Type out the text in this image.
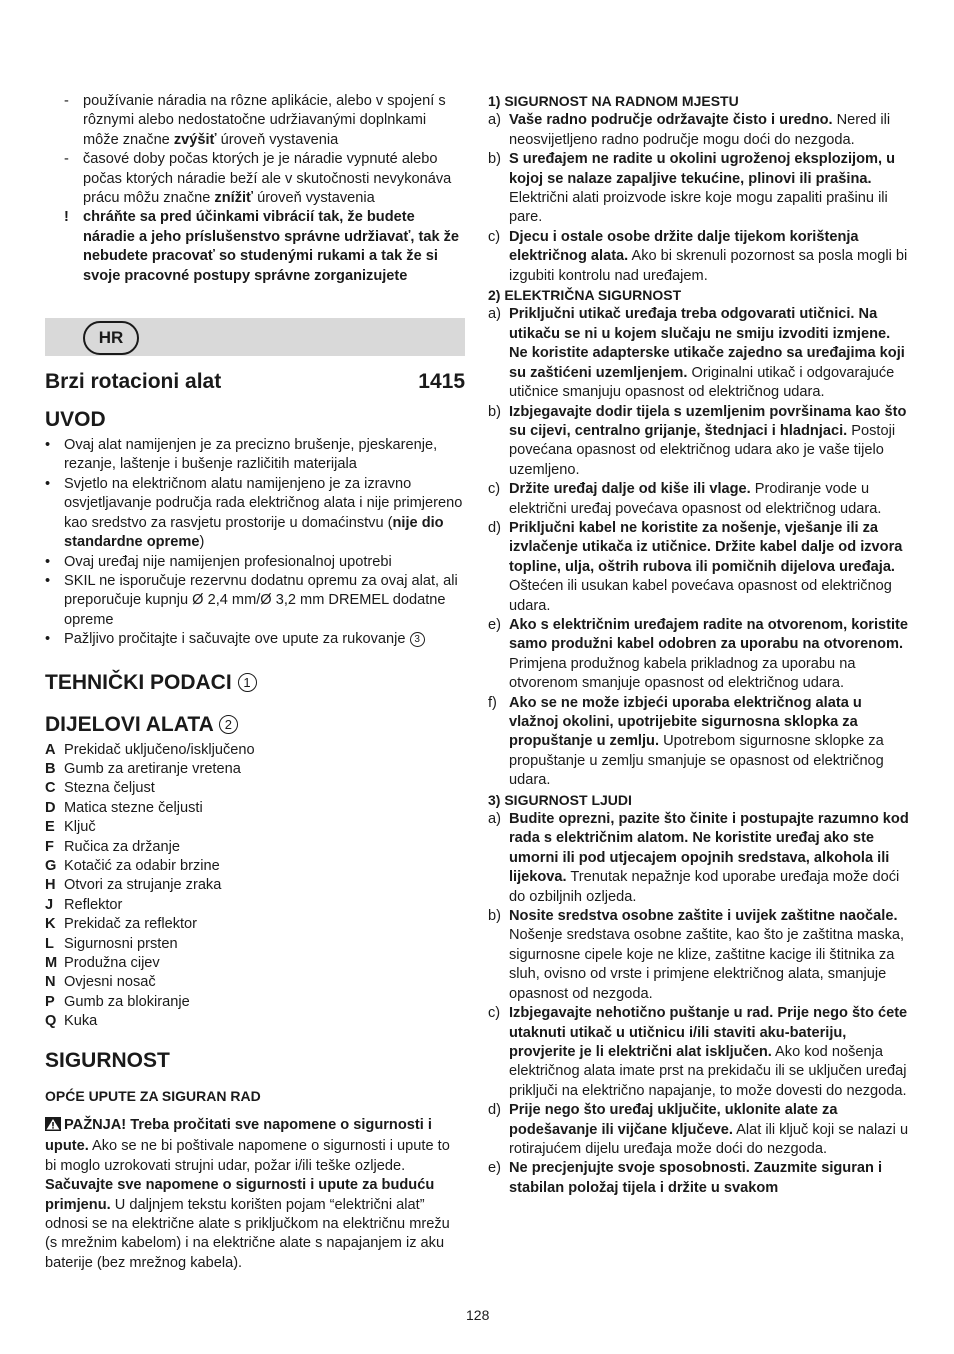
- používanie náradia na rôzne aplikácie, alebo v spojení s rôznymi alebo nedostatočne udržiavanými doplnkami môže značne zvýšiť úroveň vystavenia
- časové doby počas ktorých je je náradie vypnuté alebo počas ktorých náradie beží ale v skutočnosti nevykonáva prácu môžu značne znížiť úroveň vystavenia
! chráňte sa pred účinkami vibrácií tak, že budete náradie a jeho príslušenstvo správne udržiavať, tak že nebudete pracovať so studenými rukami a tak že si svoje pracovné postupy správne zorganizujete
HR
Brzi rotacioni alat	1415
UVOD
• Ovaj alat namijenjen je za precizno brušenje, pjeskarenje, rezanje, laštenje i bušenje različitih materijala
• Svjetlo na električnom alatu namijenjeno je za izravno osvjetljavanje područja rada električnog alata i nije primjereno kao sredstvo za rasvjetu prostorije u domaćinstvu (nije dio standardne opreme)
• Ovaj uređaj nije namijenjen profesionalnoj upotrebi
• SKIL ne isporučuje rezervnu dodatnu opremu za ovaj alat, ali preporučuje kupnju Ø 2,4 mm/Ø 3,2 mm DREMEL dodatne opreme
• Pažljivo pročitajte i sačuvajte ove upute za rukovanje 3
TEHNIČKI PODACI 1
DIJELOVI ALATA 2
A Prekidač uključeno/isključeno
B Gumb za aretiranje vretena
C Stezna čeljust
D Matica stezne čeljusti
E Ključ
F Ručica za držanje
G Kotačić za odabir brzine
H Otvori za strujanje zraka
J Reflektor
K Prekidač za reflektor
L Sigurnosni prsten
M Produžna cijev
N Ovjesni nosač
P Gumb za blokiranje
Q Kuka
SIGURNOST

OPĆE UPUTE ZA SIGURAN RAD

PAŽNJA! Treba pročitati sve napomene o sigurnosti i upute. Ako se ne bi poštivale napomene o sigurnosti i upute to bi moglo uzrokovati strujni udar, požar i/ili teške ozljede. Sačuvajte sve napomene o sigurnosti i upute za buduću primjenu. U daljnjem tekstu korišten pojam “električni alat” odnosi se na električne alate s priključkom na električnu mrežu (s mrežnim kabelom) i na električne alate s napajanjem iz aku baterije (bez mrežnog kabela).

1) SIGURNOST NA RADNOM MJESTU

a) Vaše radno područje održavajte čisto i uredno. Nered ili neosvijetljeno radno područje mogu doći do nezgoda.
b) S uređajem ne radite u okolini ugroženoj eksplozijom, u kojoj se nalaze zapaljive tekućine, plinovi ili prašina. Električni alati proizvode iskre koje mogu zapaliti prašinu ili pare.
c) Djecu i ostale osobe držite dalje tijekom korištenja električnog alata. Ako bi skrenuli pozornost sa posla mogli bi izgubiti kontrolu nad uređajem.

2) ELEKTRIČNA SIGURNOST

a) Priključni utikač uređaja treba odgovarati utičnici. Na utikaču se ni u kojem slučaju ne smiju izvoditi izmjene. Ne koristite adapterske utikače zajedno sa uređajima koji su zaštićeni uzemljenjem. Originalni utikač i odgovarajuće utičnice smanjuju opasnost od električnog udara.
b) Izbjegavajte dodir tijela s uzemljenim površinama kao što su cijevi, centralno grijanje, štednjaci i hladnjaci. Postoji povećana opasnost od električnog udara ako je vaše tijelo uzemljeno.
c) Držite uređaj dalje od kiše ili vlage. Prodiranje vode u električni uređaj povećava opasnost od električnog udara.
d) Priključni kabel ne koristite za nošenje, vješanje ili za izvlačenje utikača iz utičnice. Držite kabel dalje od izvora topline, ulja, oštrih rubova ili pomičnih dijelova uređaja. Oštećen ili usukan kabel povećava opasnost od električnog udara.
e) Ako s električnim uređajem radite na otvorenom, koristite samo produžni kabel odobren za uporabu na otvorenom. Primjena produžnog kabela prikladnog za uporabu na otvorenom smanjuje opasnost od električnog udara.
f) Ako se ne može izbjeći uporaba električnog alata u vlažnoj okolini, upotrijebite sigurnosna sklopka za propuštanje u zemlju. Upotrebom sigurnosne sklopke za propuštanje u zemlju smanjuje se opasnost od električnog udara.

3) SIGURNOST LJUDI

a) Budite oprezni, pazite što činite i postupajte razumno kod rada s električnim alatom. Ne koristite uređaj ako ste umorni ili pod utjecajem opojnih sredstava, alkohola ili lijekova. Trenutak nepažnje kod uporabe uređaja može doći do ozbiljnih ozljeda.
b) Nosite sredstva osobne zaštite i uvijek zaštitne naočale. Nošenje sredstava osobne zaštite, kao što je zaštitna maska, sigurnosne cipele koje ne klize, zaštitne kacige ili štitnika za sluh, ovisno od vrste i primjene električnog alata, smanjuje opasnost od nezgoda.
c) Izbjegavajte nehotično puštanje u rad. Prije nego što ćete utaknuti utikač u utičnicu i/ili staviti aku-bateriju, provjerite je li električni alat isključen. Ako kod nošenja električnog alata imate prst na prekidaču ili se uključen uređaj priključi na električno napajanje, to može dovesti do nezgoda.
d) Prije nego što uređaj uključite, uklonite alate za podešavanje ili vijčane ključeve. Alat ili ključ koji se nalazi u rotirajućem dijelu uređaja može doći do nezgoda.
e) Ne precjenjujte svoje sposobnosti. Zauzmite siguran i stabilan položaj tijela i držite u svakom
128
